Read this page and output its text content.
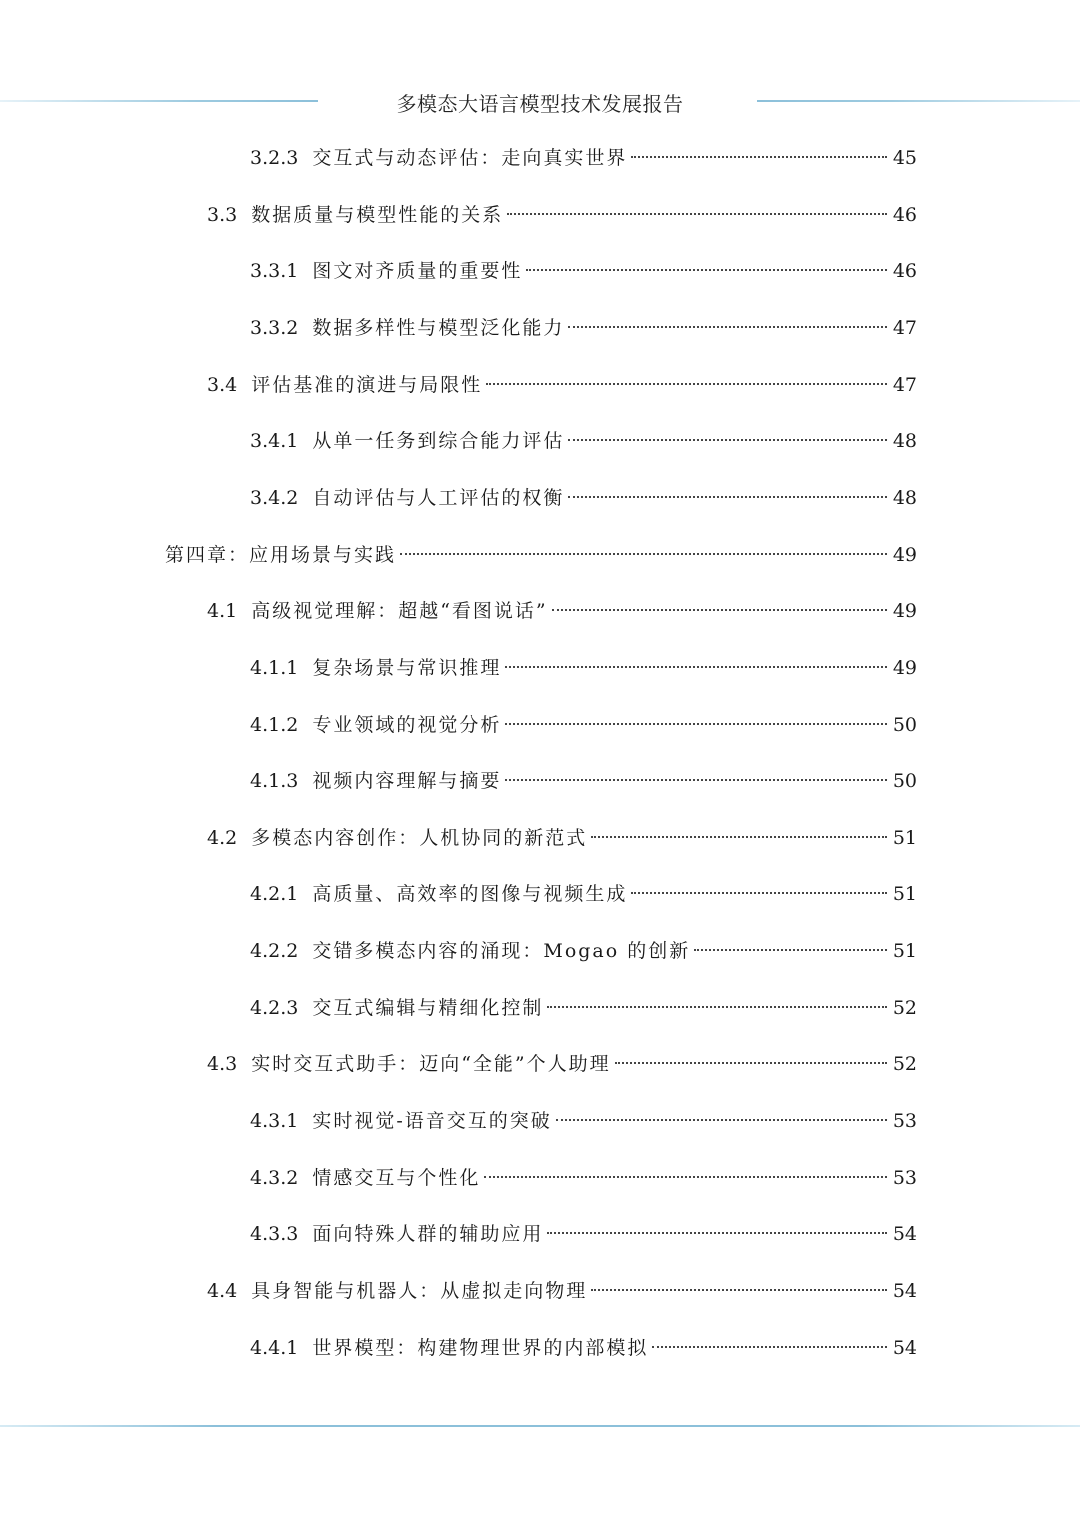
多模态大语言模型技术发展报告
3.2.3 交互式与动态评估：走向真实世界	45
3.3 数据质量与模型性能的关系	46
3.3.1 图文对齐质量的重要性	46
3.3.2 数据多样性与模型泛化能力	47
3.4 评估基准的演进与局限性	47
3.4.1 从单一任务到综合能力评估	48
3.4.2 自动评估与人工评估的权衡	48
第四章：应用场景与实践	49
4.1 高级视觉理解：超越“看图说话”	49
4.1.1 复杂场景与常识推理	49
4.1.2 专业领域的视觉分析	50
4.1.3 视频内容理解与摘要	50
4.2 多模态内容创作：人机协同的新范式	51
4.2.1 高质量、高效率的图像与视频生成	51
4.2.2 交错多模态内容的涌现：Mogao 的创新	51
4.2.3 交互式编辑与精细化控制	52
4.3 实时交互式助手：迈向“全能”个人助理	52
4.3.1 实时视觉-语音交互的突破	53
4.3.2 情感交互与个性化	53
4.3.3 面向特殊人群的辅助应用	54
4.4 具身智能与机器人：从虚拟走向物理	54
4.4.1 世界模型：构建物理世界的内部模拟	54
